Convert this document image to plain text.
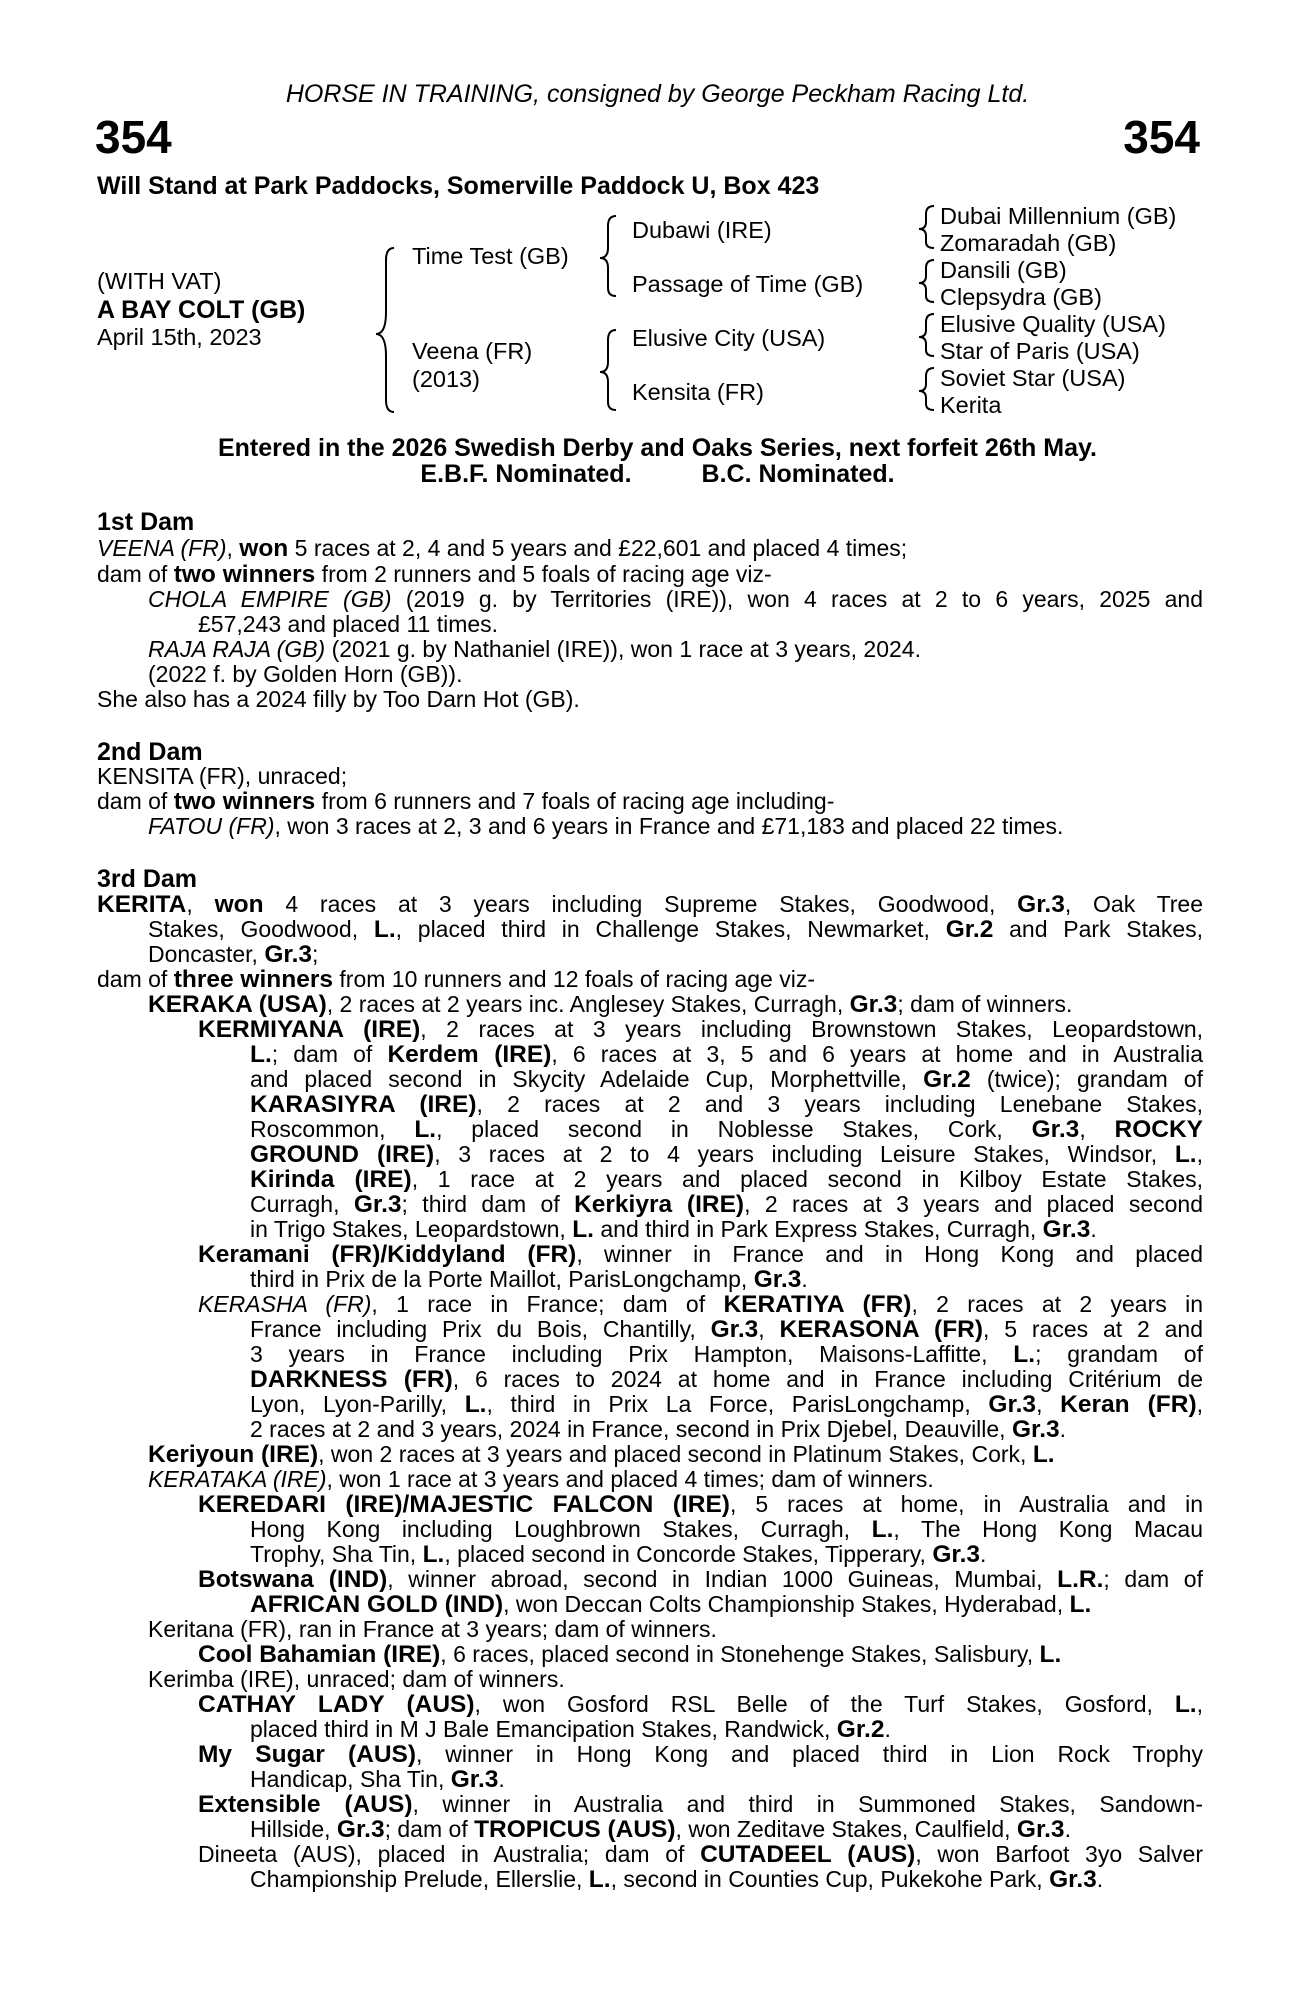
HORSE IN TRAINING, consigned by George Peckham Racing Ltd.
354	354
Will Stand at Park Paddocks, Somerville Paddock U, Box 423
(WITH VAT)
A BAY COLT (GB)
April 15th, 2023
Time Test (GB)
Veena (FR)
(2013)
Dubawi (IRE)
Passage of Time (GB)
Elusive City (USA)
Kensita (FR)
Dubai Millennium (GB)
Zomaradah (GB)
Dansili (GB)
Clepsydra (GB)
Elusive Quality (USA)
Star of Paris (USA)
Soviet Star (USA)
Kerita
Entered in the 2026 Swedish Derby and Oaks Series, next forfeit 26th May.
E.B.F. Nominated.	B.C. Nominated.
1st Dam
VEENA (FR), won 5 races at 2, 4 and 5 years and £22,601 and placed 4 times;
dam of two winners from 2 runners and 5 foals of racing age viz-
CHOLA EMPIRE (GB) (2019 g. by Territories (IRE)), won 4 races at 2 to 6 years, 2025 and
£57,243 and placed 11 times.
RAJA RAJA (GB) (2021 g. by Nathaniel (IRE)), won 1 race at 3 years, 2024.
(2022 f. by Golden Horn (GB)).
She also has a 2024 filly by Too Darn Hot (GB).
2nd Dam
KENSITA (FR), unraced;
dam of two winners from 6 runners and 7 foals of racing age including-
FATOU (FR), won 3 races at 2, 3 and 6 years in France and £71,183 and placed 22 times.
3rd Dam
KERITA, won 4 races at 3 years including Supreme Stakes, Goodwood, Gr.3, Oak Tree
Stakes, Goodwood, L., placed third in Challenge Stakes, Newmarket, Gr.2 and Park Stakes,
Doncaster, Gr.3;
dam of three winners from 10 runners and 12 foals of racing age viz-
KERAKA (USA), 2 races at 2 years inc. Anglesey Stakes, Curragh, Gr.3; dam of winners.
KERMIYANA (IRE), 2 races at 3 years including Brownstown Stakes, Leopardstown,
L.; dam of Kerdem (IRE), 6 races at 3, 5 and 6 years at home and in Australia
and placed second in Skycity Adelaide Cup, Morphettville, Gr.2 (twice); grandam of
KARASIYRA (IRE), 2 races at 2 and 3 years including Lenebane Stakes,
Roscommon, L., placed second in Noblesse Stakes, Cork, Gr.3, ROCKY
GROUND (IRE), 3 races at 2 to 4 years including Leisure Stakes, Windsor, L.,
Kirinda (IRE), 1 race at 2 years and placed second in Kilboy Estate Stakes,
Curragh, Gr.3; third dam of Kerkiyra (IRE), 2 races at 3 years and placed second
in Trigo Stakes, Leopardstown, L. and third in Park Express Stakes, Curragh, Gr.3.
Keramani (FR)/Kiddyland (FR), winner in France and in Hong Kong and placed
third in Prix de la Porte Maillot, ParisLongchamp, Gr.3.
KERASHA (FR), 1 race in France; dam of KERATIYA (FR), 2 races at 2 years in
France including Prix du Bois, Chantilly, Gr.3, KERASONA (FR), 5 races at 2 and
3 years in France including Prix Hampton, Maisons-Laffitte, L.; grandam of
DARKNESS (FR), 6 races to 2024 at home and in France including Critérium de
Lyon, Lyon-Parilly, L., third in Prix La Force, ParisLongchamp, Gr.3, Keran (FR),
2 races at 2 and 3 years, 2024 in France, second in Prix Djebel, Deauville, Gr.3.
Keriyoun (IRE), won 2 races at 3 years and placed second in Platinum Stakes, Cork, L.
KERATAKA (IRE), won 1 race at 3 years and placed 4 times; dam of winners.
KEREDARI (IRE)/MAJESTIC FALCON (IRE), 5 races at home, in Australia and in
Hong Kong including Loughbrown Stakes, Curragh, L., The Hong Kong Macau
Trophy, Sha Tin, L., placed second in Concorde Stakes, Tipperary, Gr.3.
Botswana (IND), winner abroad, second in Indian 1000 Guineas, Mumbai, L.R.; dam of
AFRICAN GOLD (IND), won Deccan Colts Championship Stakes, Hyderabad, L.
Keritana (FR), ran in France at 3 years; dam of winners.
Cool Bahamian (IRE), 6 races, placed second in Stonehenge Stakes, Salisbury, L.
Kerimba (IRE), unraced; dam of winners.
CATHAY LADY (AUS), won Gosford RSL Belle of the Turf Stakes, Gosford, L.,
placed third in M J Bale Emancipation Stakes, Randwick, Gr.2.
My Sugar (AUS), winner in Hong Kong and placed third in Lion Rock Trophy
Handicap, Sha Tin, Gr.3.
Extensible (AUS), winner in Australia and third in Summoned Stakes, Sandown-
Hillside, Gr.3; dam of TROPICUS (AUS), won Zeditave Stakes, Caulfield, Gr.3.
Dineeta (AUS), placed in Australia; dam of CUTADEEL (AUS), won Barfoot 3yo Salver
Championship Prelude, Ellerslie, L., second in Counties Cup, Pukekohe Park, Gr.3.
